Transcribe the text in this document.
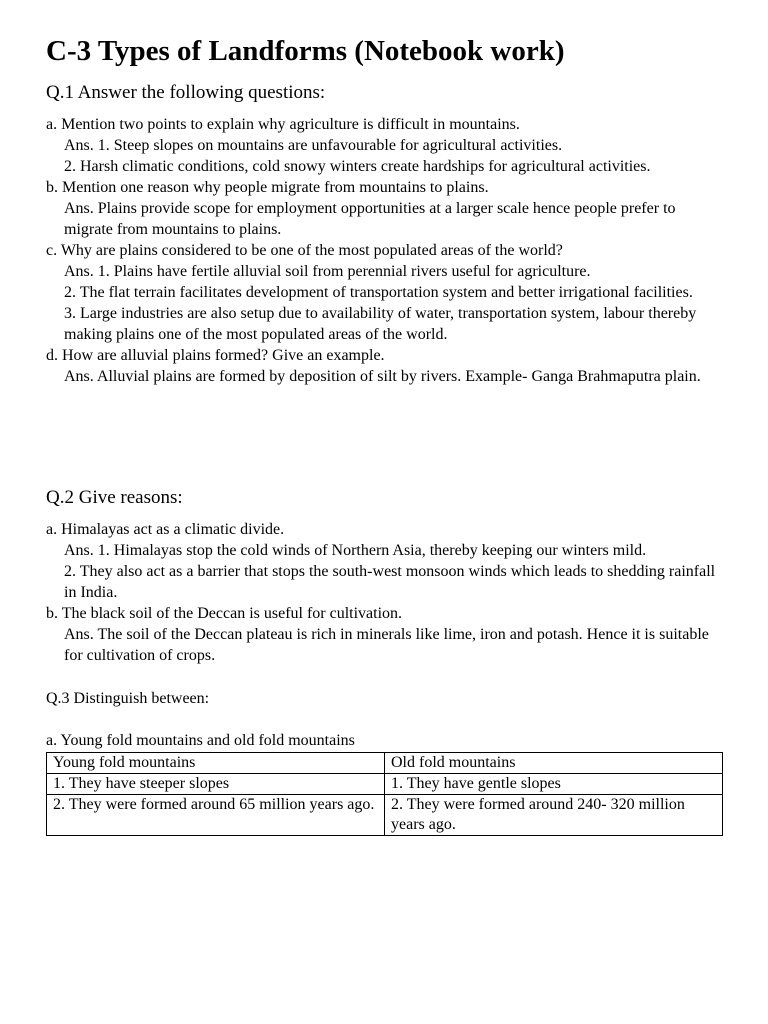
C-3 Types of Landforms (Notebook work)
Q.1 Answer the following questions:

a. Mention two points to explain why agriculture is difficult in mountains.

Ans. 1. Steep slopes on mountains are unfavourable for agricultural activities.

2. Harsh climatic conditions, cold snowy winters create hardships for agricultural activities.

b. Mention one reason why people migrate from mountains to plains.

Ans. Plains provide scope for employment opportunities at a larger scale hence people prefer to migrate from mountains to plains.

c. Why are plains considered to be one of the most populated areas of the world?

Ans. 1. Plains have fertile alluvial soil from perennial rivers useful for agriculture.

2. The flat terrain facilitates development of transportation system and better irrigational facilities.

3. Large industries are also setup due to availability of water, transportation system, labour thereby making plains one of the most populated areas of the world.

d. How are alluvial plains formed? Give an example.

Ans. Alluvial plains are formed by deposition of silt by rivers. Example- Ganga Brahmaputra plain.

Q.2 Give reasons:

a. Himalayas act as a climatic divide.

Ans. 1. Himalayas stop the cold winds of Northern Asia, thereby keeping our winters mild.

2. They also act as a barrier that stops the south-west monsoon winds which leads to shedding rainfall in India.

b. The black soil of the Deccan is useful for cultivation.

Ans. The soil of the Deccan plateau is rich in minerals like lime, iron and potash. Hence it is suitable for cultivation of crops.

Q.3 Distinguish between:

a. Young fold mountains and old fold mountains

Young fold mountains	Old fold mountains
1. They have steeper slopes	1. They have gentle slopes
2. They were formed around 65 million years ago.	2. They were formed around 240- 320 million years ago.
